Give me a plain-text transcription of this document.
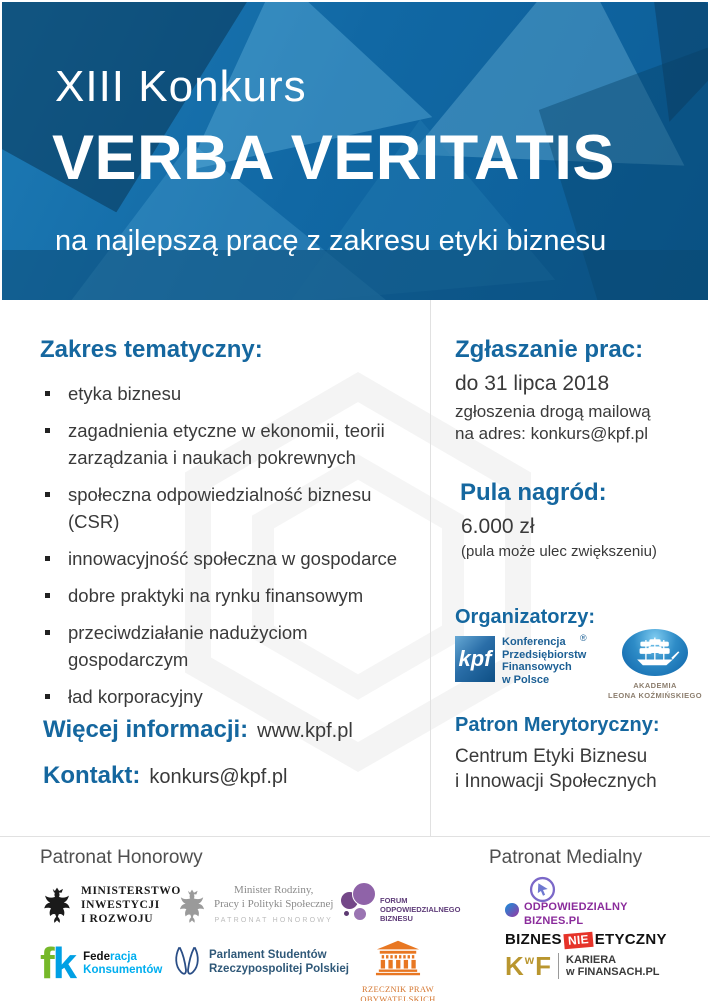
XIII Konkurs
VERBA VERITATIS
na najlepszą pracę z zakresu etyki biznesu
Zakres tematyczny:
etyka biznesu
zagadnienia etyczne w ekonomii, teorii zarządzania i naukach pokrewnych
społeczna odpowiedzialność biznesu (CSR)
innowacyjność społeczna w gospodarce
dobre praktyki na rynku finansowym
przeciwdziałanie nadużyciom gospodarczym
ład korporacyjny
Więcej informacji: www.kpf.pl
Kontakt: konkurs@kpf.pl
Zgłaszanie prac:
do 31 lipca 2018
zgłoszenia drogą mailową
na adres: konkurs@kpf.pl
Pula nagród:
6.000 zł
(pula może ulec zwiększeniu)
Organizatorzy:
kpf
®
Konferencja
Przedsiębiorstw
Finansowych
w Polsce	AKADEMIA
LEONA KOŹMIŃSKIEGO
Patron Merytoryczny:
Centrum Etyki Biznesu
i Innowacji Społecznych
Patronat Honorowy	Patronat Medialny
MINISTERSTWO
INWESTYCJI
I ROZWOJU
Minister Rodziny,
Pracy i Polityki Społecznej
PATRONAT HONOROWY
FORUM
ODPOWIEDZIALNEGO
BIZNESU
ODPOWIEDZIALNY
BIZNES.PL
BIZNES NIE ETYCZNY
fk Federacja
Konsumentów
Parlament Studentów
Rzeczypospolitej Polskiej
RZECZNIK PRAW OBYWATELSKICH
K w F KARIERA
w FINANSACH.PL
